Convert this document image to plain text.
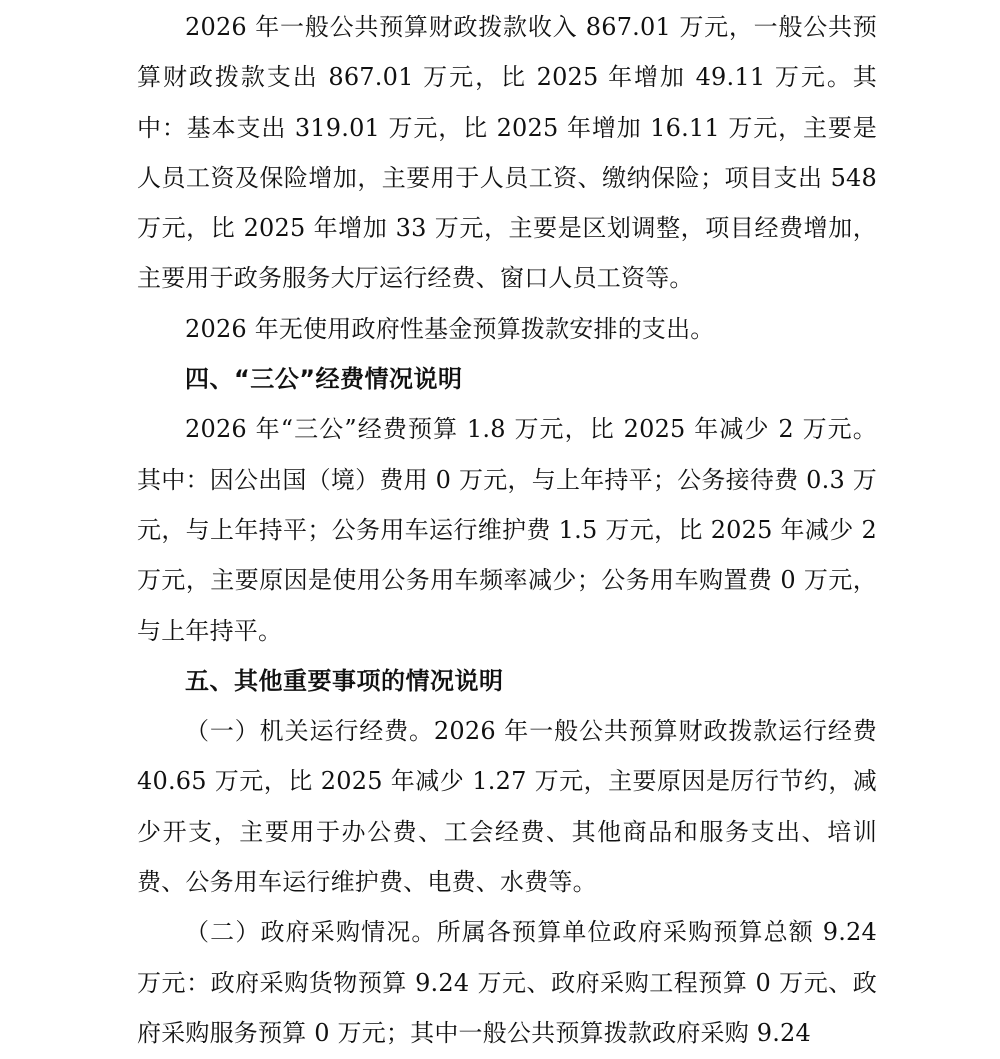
2026 年一般公共预算财政拨款收入 867.01 万元，一般公共预算财政拨款支出 867.01 万元，比 2025 年增加 49.11 万元。其中：基本支出 319.01 万元，比 2025 年增加 16.11 万元，主要是人员工资及保险增加，主要用于人员工资、缴纳保险；项目支出 548 万元，比 2025 年增加 33 万元，主要是区划调整，项目经费增加，主要用于政务服务大厅运行经费、窗口人员工资等。

2026 年无使用政府性基金预算拨款安排的支出。

四、“三公”经费情况说明

2026 年“三公”经费预算 1.8 万元，比 2025 年减少 2 万元。其中：因公出国（境）费用 0 万元，与上年持平；公务接待费 0.3 万元，与上年持平；公务用车运行维护费 1.5 万元，比 2025 年减少 2 万元，主要原因是使用公务用车频率减少；公务用车购置费 0 万元，与上年持平。

五、其他重要事项的情况说明

（一）机关运行经费。2026 年一般公共预算财政拨款运行经费 40.65 万元，比 2025 年减少 1.27 万元，主要原因是厉行节约，减少开支，主要用于办公费、工会经费、其他商品和服务支出、培训费、公务用车运行维护费、电费、水费等。

（二）政府采购情况。所属各预算单位政府采购预算总额 9.24 万元：政府采购货物预算 9.24 万元、政府采购工程预算 0 万元、政府采购服务预算 0 万元；其中一般公共预算拨款政府采购 9.24
